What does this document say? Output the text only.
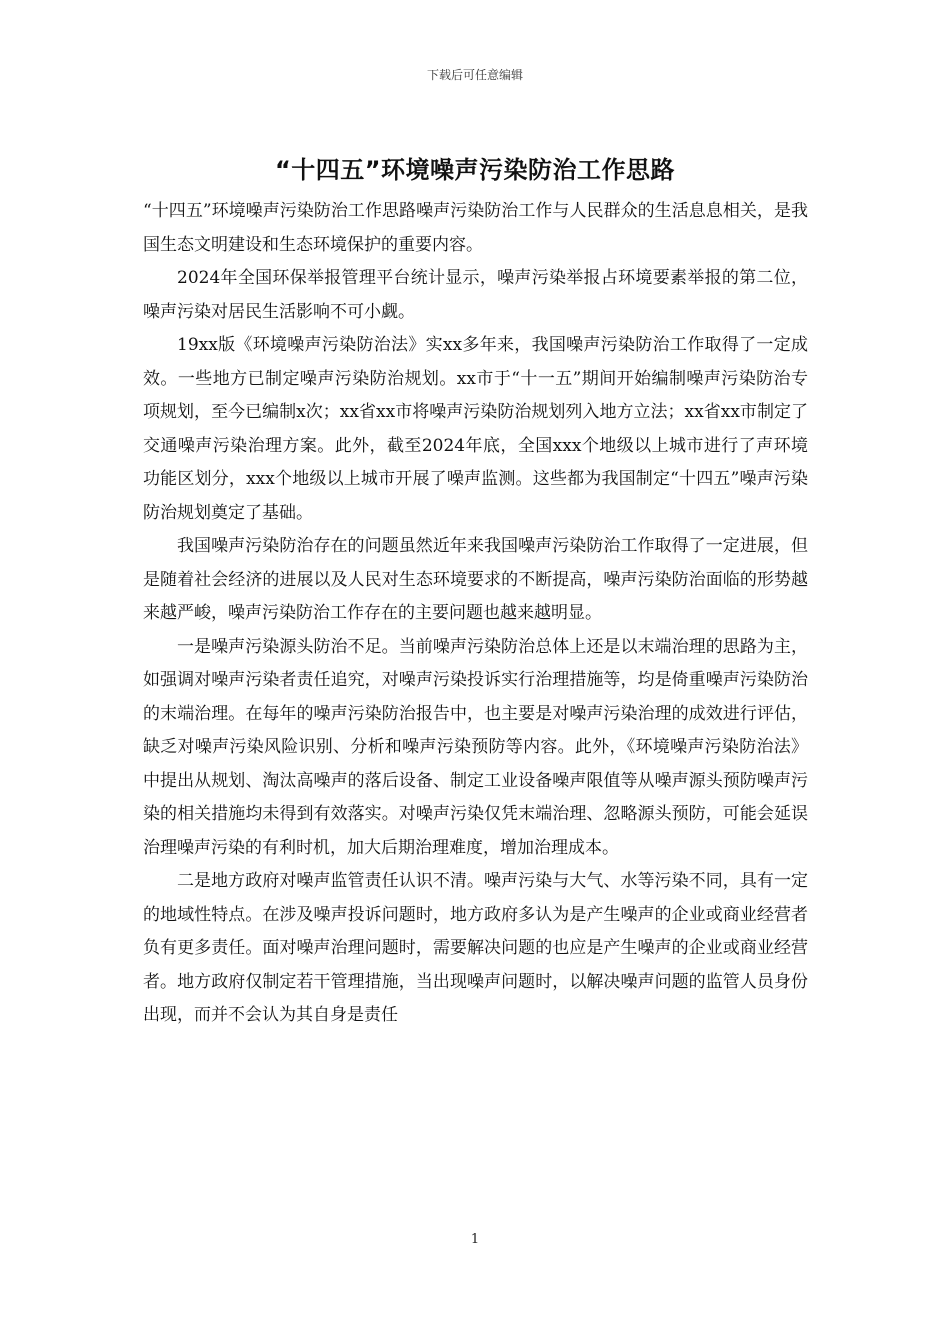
下载后可任意编辑
“十四五”环境噪声污染防治工作思路

“十四五”环境噪声污染防治工作思路噪声污染防治工作与人民群众的生活息息相关，是我国生态文明建设和生态环境保护的重要内容。

2024年全国环保举报管理平台统计显示，噪声污染举报占环境要素举报的第二位，噪声污染对居民生活影响不可小觑。

19xx版《环境噪声污染防治法》实xx多年来，我国噪声污染防治工作取得了一定成效。一些地方已制定噪声污染防治规划。xx市于“十一五”期间开始编制噪声污染防治专项规划，至今已编制x次；xx省xx市将噪声污染防治规划列入地方立法；xx省xx市制定了交通噪声污染治理方案。此外，截至2024年底，全国xxx个地级以上城市进行了声环境功能区划分，xxx个地级以上城市开展了噪声监测。这些都为我国制定“十四五”噪声污染防治规划奠定了基础。

我国噪声污染防治存在的问题虽然近年来我国噪声污染防治工作取得了一定进展，但是随着社会经济的进展以及人民对生态环境要求的不断提高，噪声污染防治面临的形势越来越严峻，噪声污染防治工作存在的主要问题也越来越明显。

一是噪声污染源头防治不足。当前噪声污染防治总体上还是以末端治理的思路为主，如强调对噪声污染者责任追究，对噪声污染投诉实行治理措施等，均是倚重噪声污染防治的末端治理。在每年的噪声污染防治报告中，也主要是对噪声污染治理的成效进行评估，缺乏对噪声污染风险识别、分析和噪声污染预防等内容。此外，《环境噪声污染防治法》中提出从规划、淘汰高噪声的落后设备、制定工业设备噪声限值等从噪声源头预防噪声污染的相关措施均未得到有效落实。对噪声污染仅凭末端治理、忽略源头预防，可能会延误治理噪声污染的有利时机，加大后期治理难度，增加治理成本。

二是地方政府对噪声监管责任认识不清。噪声污染与大气、水等污染不同，具有一定的地域性特点。在涉及噪声投诉问题时，地方政府多认为是产生噪声的企业或商业经营者负有更多责任。面对噪声治理问题时，需要解决问题的也应是产生噪声的企业或商业经营者。地方政府仅制定若干管理措施，当出现噪声问题时，以解决噪声问题的监管人员身份出现，而并不会认为其自身是责任

1
